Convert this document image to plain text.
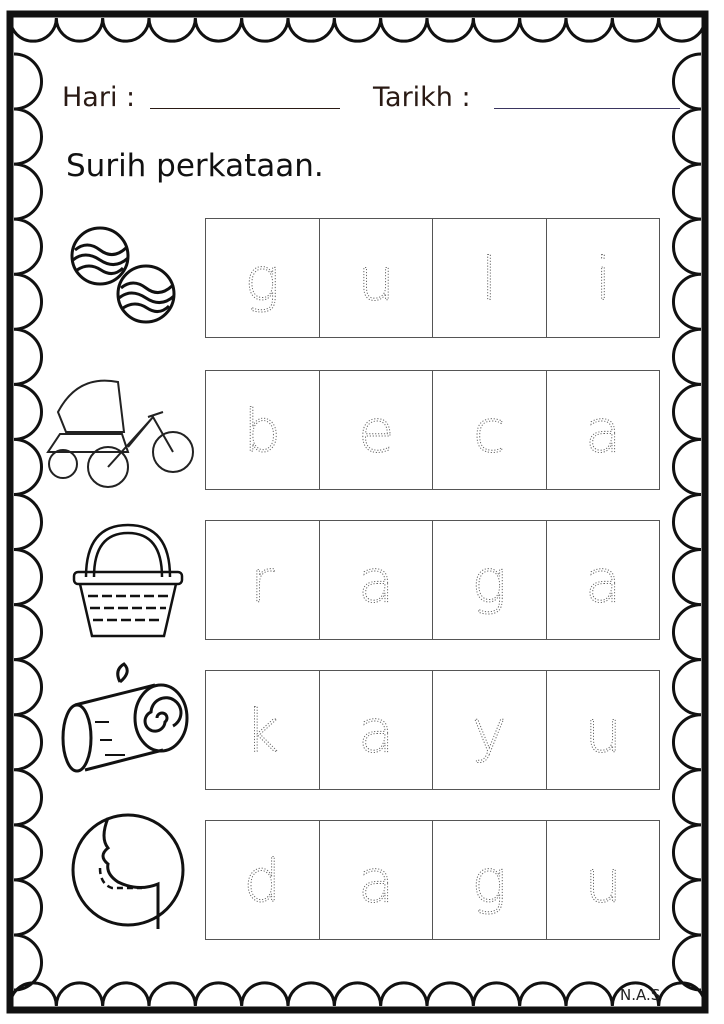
Hari :	Tarikh :
Surih perkataan.
g u l i
b e c a
r a g a
k a y u
d a g u
N.A.S
